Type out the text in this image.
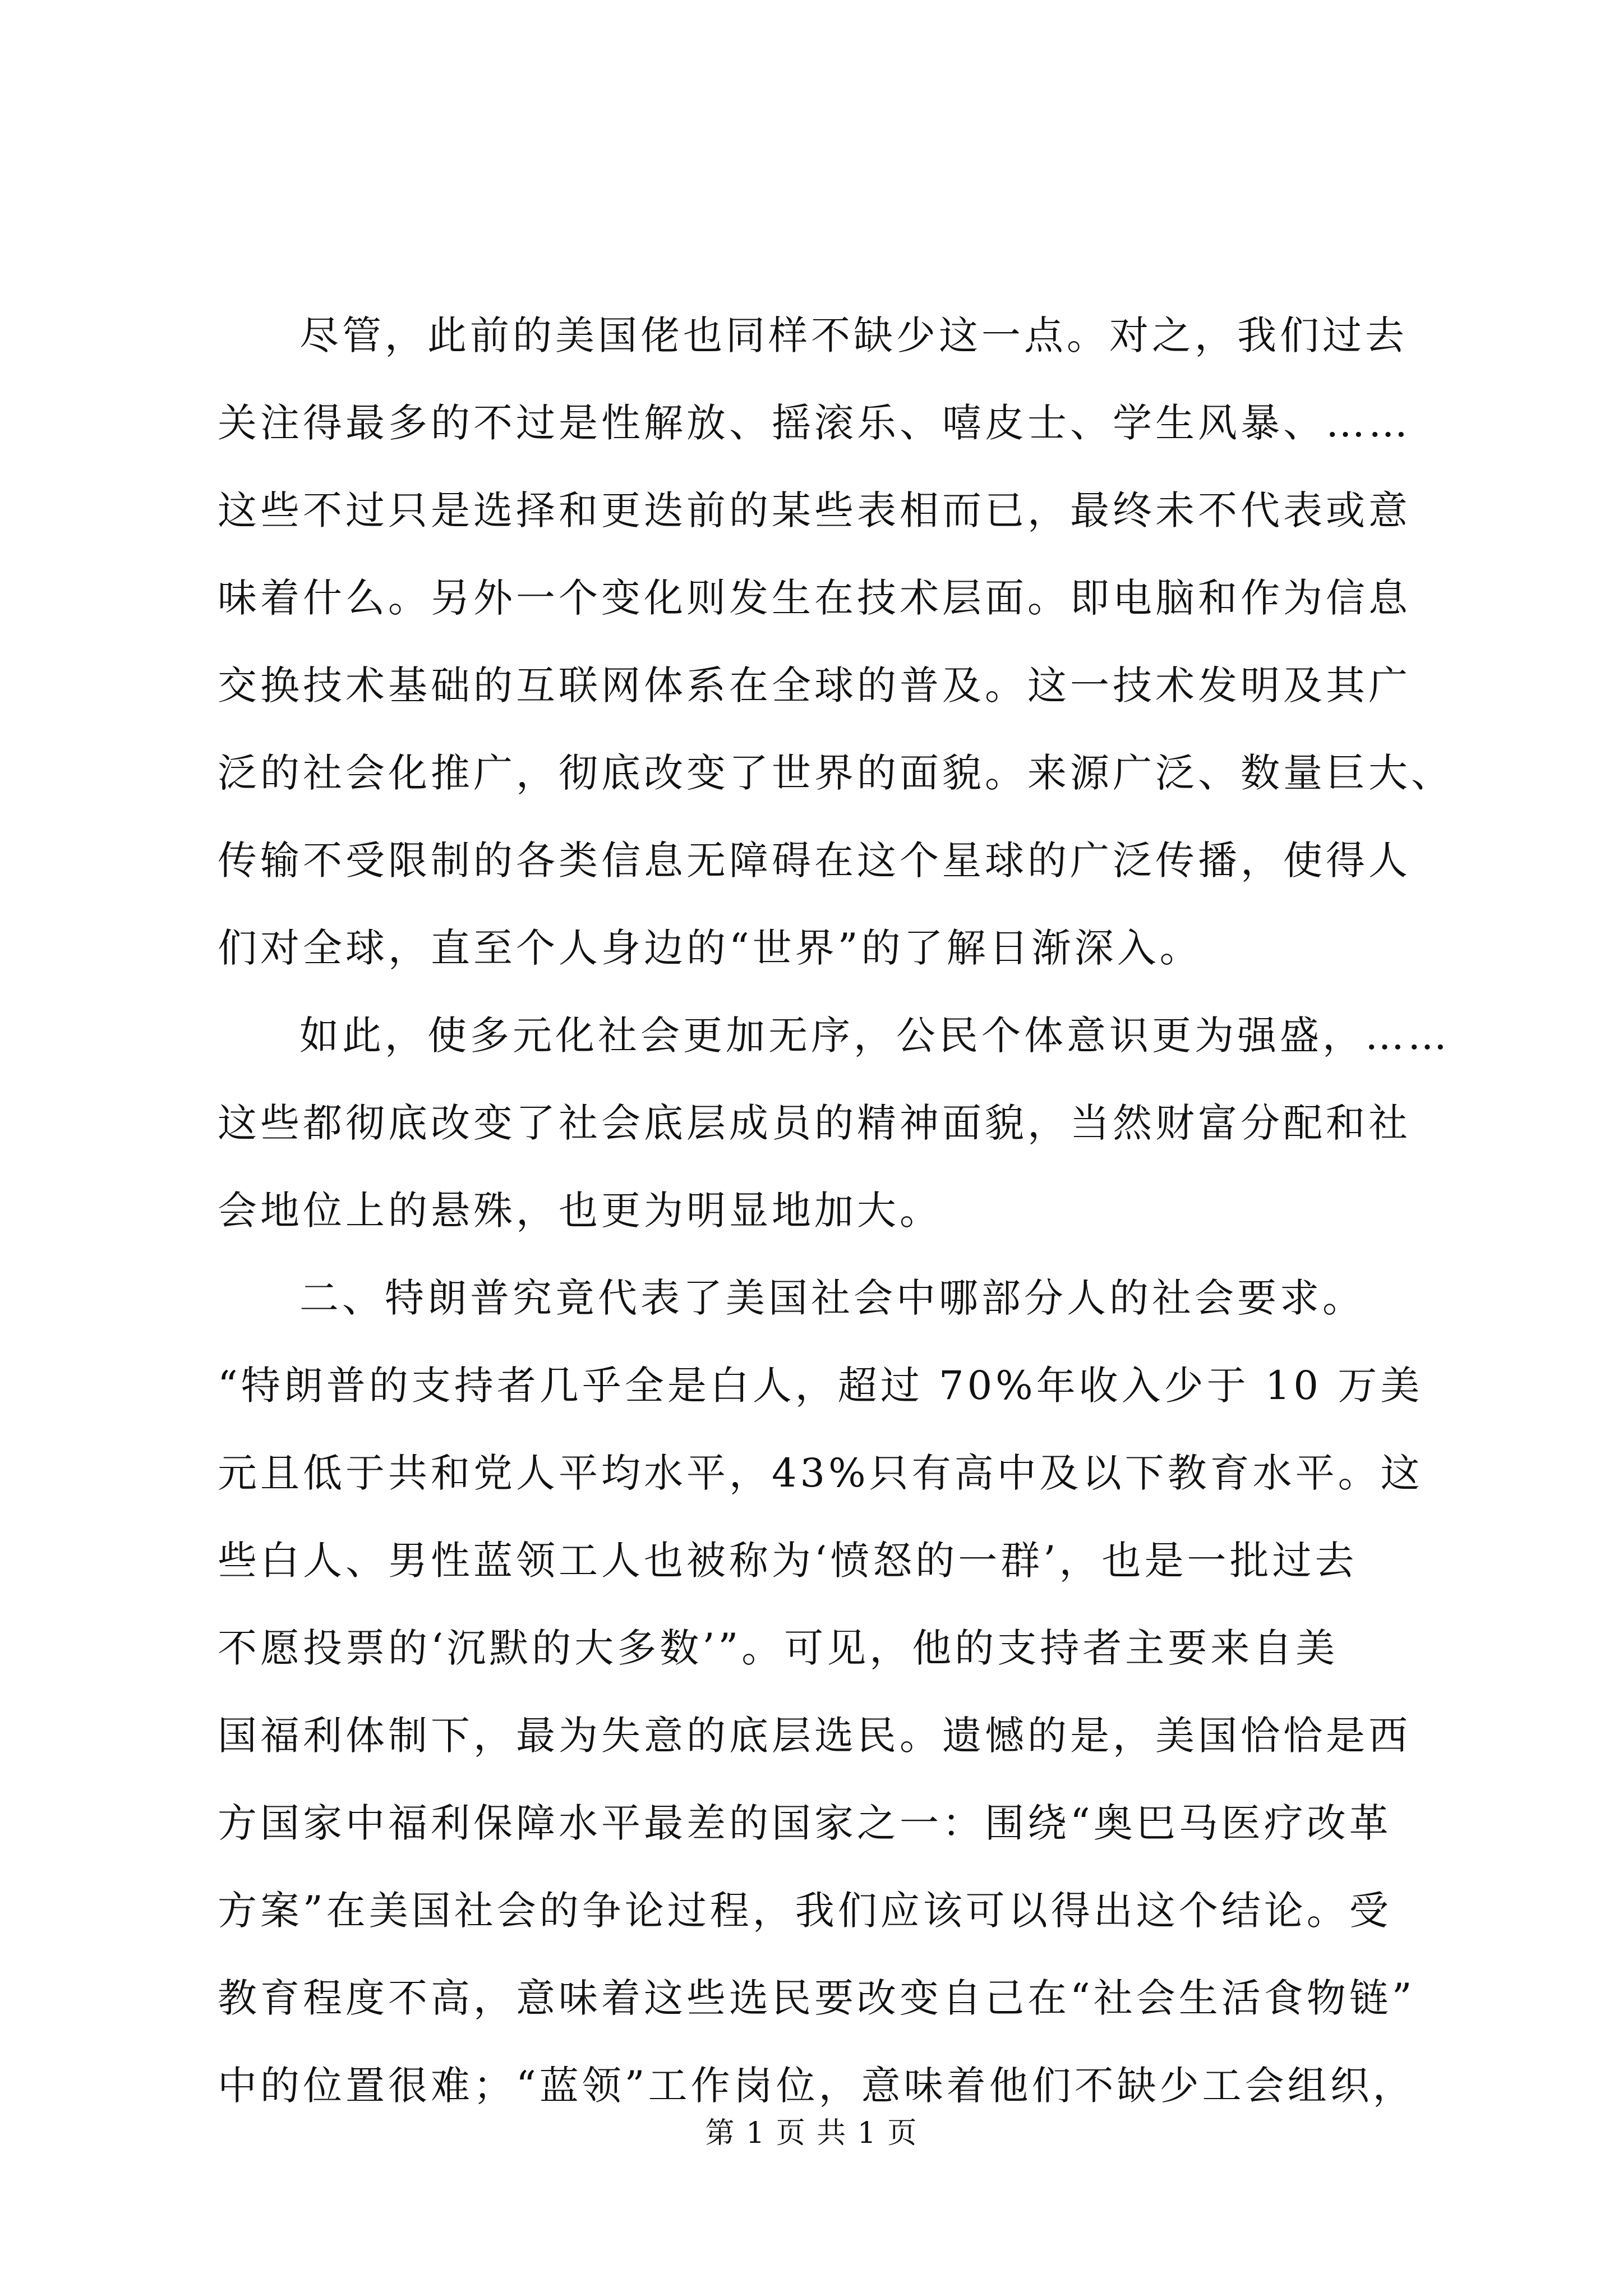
尽管，此前的美国佬也同样不缺少这一点。对之，我们过去
关注得最多的不过是性解放、摇滚乐、嘻皮士、学生风暴、……
这些不过只是选择和更迭前的某些表相而已，最终未不代表或意
味着什么。另外一个变化则发生在技术层面。即电脑和作为信息
交换技术基础的互联网体系在全球的普及。这一技术发明及其广
泛的社会化推广，彻底改变了世界的面貌。来源广泛、数量巨大、
传输不受限制的各类信息无障碍在这个星球的广泛传播，使得人
们对全球，直至个人身边的“世界”的了解日渐深入。
如此，使多元化社会更加无序，公民个体意识更为强盛，……
这些都彻底改变了社会底层成员的精神面貌，当然财富分配和社
会地位上的悬殊，也更为明显地加大。
二、特朗普究竟代表了美国社会中哪部分人的社会要求。
“特朗普的支持者几乎全是白人，超过 70%年收入少于 10 万美
元且低于共和党人平均水平，43%只有高中及以下教育水平。这
些白人、男性蓝领工人也被称为‘愤怒的一群’，也是一批过去
不愿投票的‘沉默的大多数’”。可见，他的支持者主要来自美
国福利体制下，最为失意的底层选民。遗憾的是，美国恰恰是西
方国家中福利保障水平最差的国家之一：围绕“奥巴马医疗改革
方案”在美国社会的争论过程，我们应该可以得出这个结论。受
教育程度不高，意味着这些选民要改变自己在“社会生活食物链”
中的位置很难；“蓝领”工作岗位，意味着他们不缺少工会组织，
第 1 页 共 1 页
